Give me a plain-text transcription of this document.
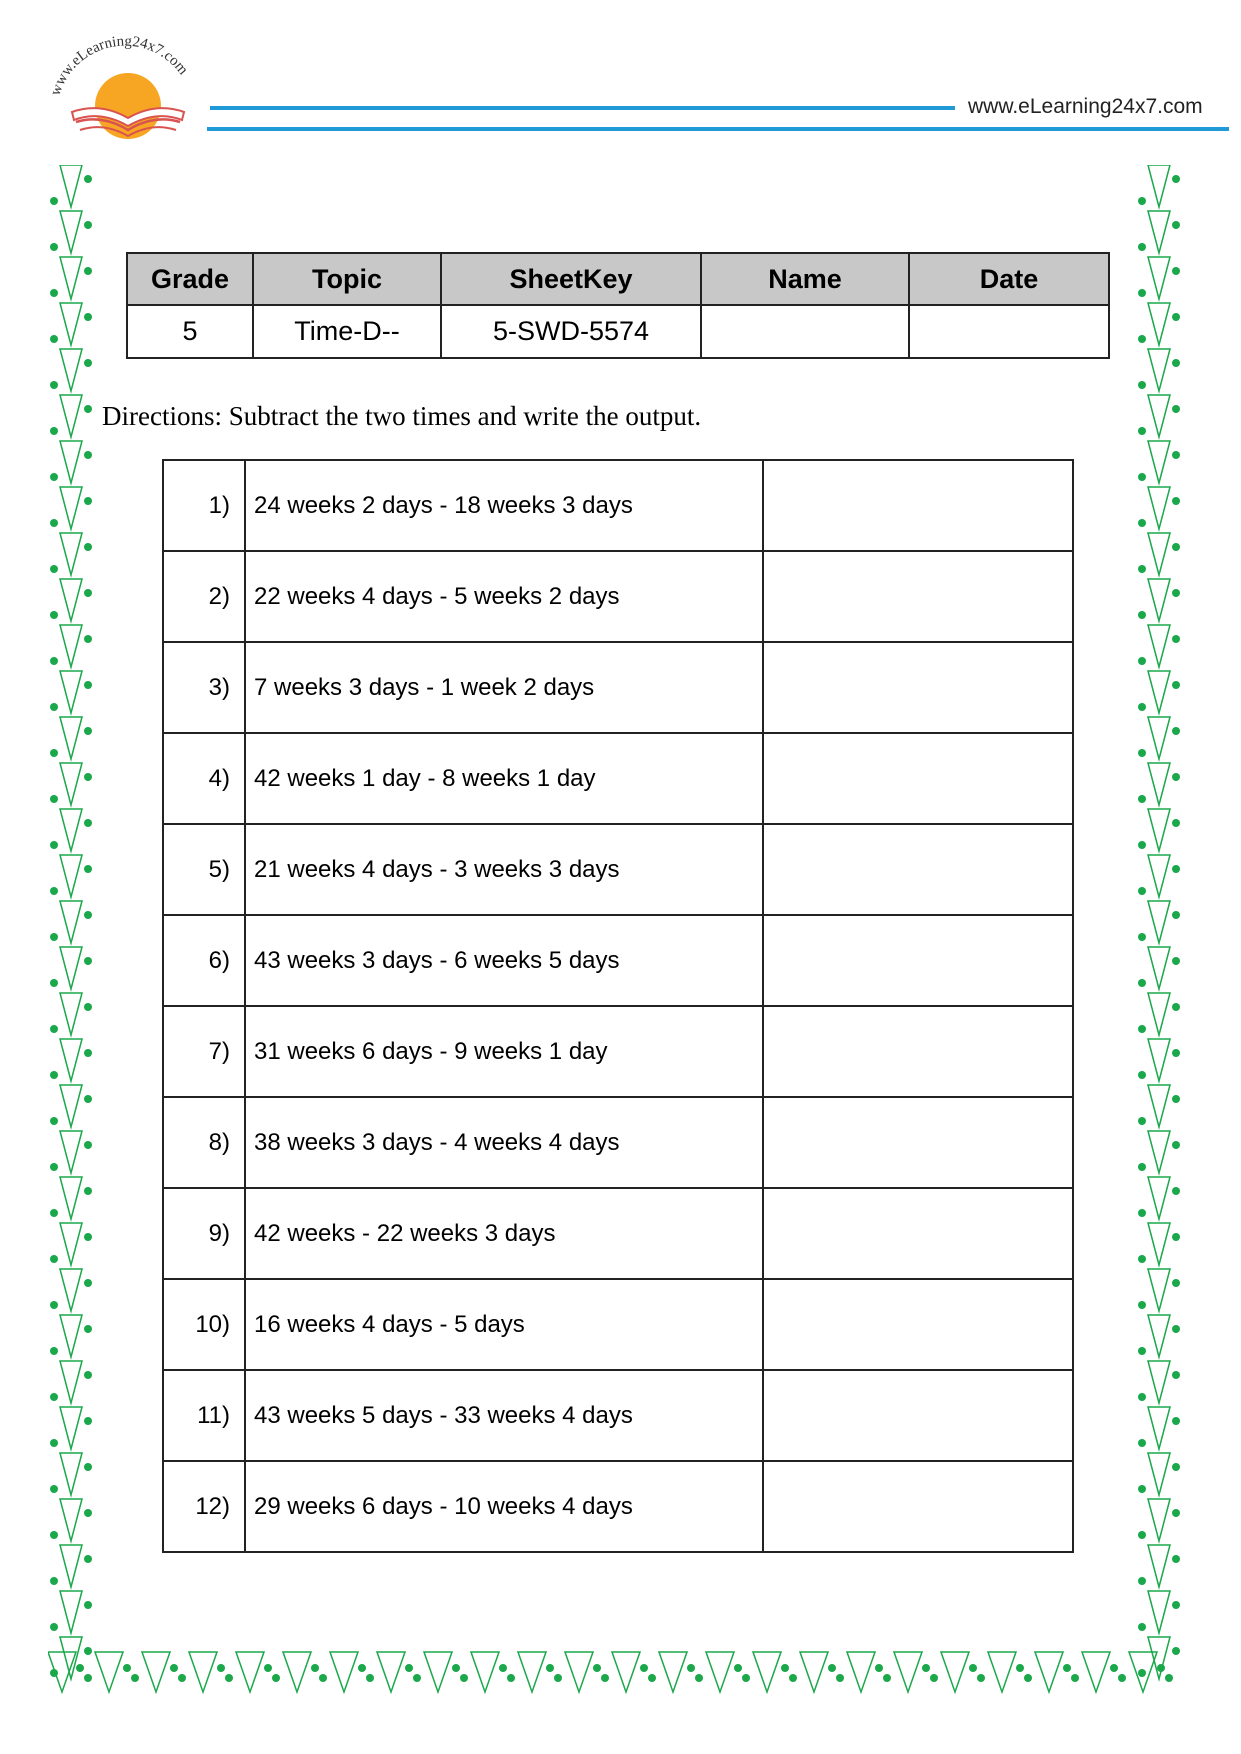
www.eLearning24x7.com
www.eLearning24x7.com
Grade	Topic	SheetKey	Name	Date
5	Time-D--	5-SWD-5574		
Directions: Subtract the two times and write the output.
1)	24 weeks 2 days - 18 weeks 3 days	
2)	22 weeks 4 days - 5 weeks 2 days	
3)	7 weeks 3 days - 1 week 2 days	
4)	42 weeks 1 day - 8 weeks 1 day	
5)	21 weeks 4 days - 3 weeks 3 days	
6)	43 weeks 3 days - 6 weeks 5 days	
7)	31 weeks 6 days - 9 weeks 1 day	
8)	38 weeks 3 days - 4 weeks 4 days	
9)	42 weeks - 22 weeks 3 days	
10)	16 weeks 4 days - 5 days	
11)	43 weeks 5 days - 33 weeks 4 days	
12)	29 weeks 6 days - 10 weeks 4 days	
